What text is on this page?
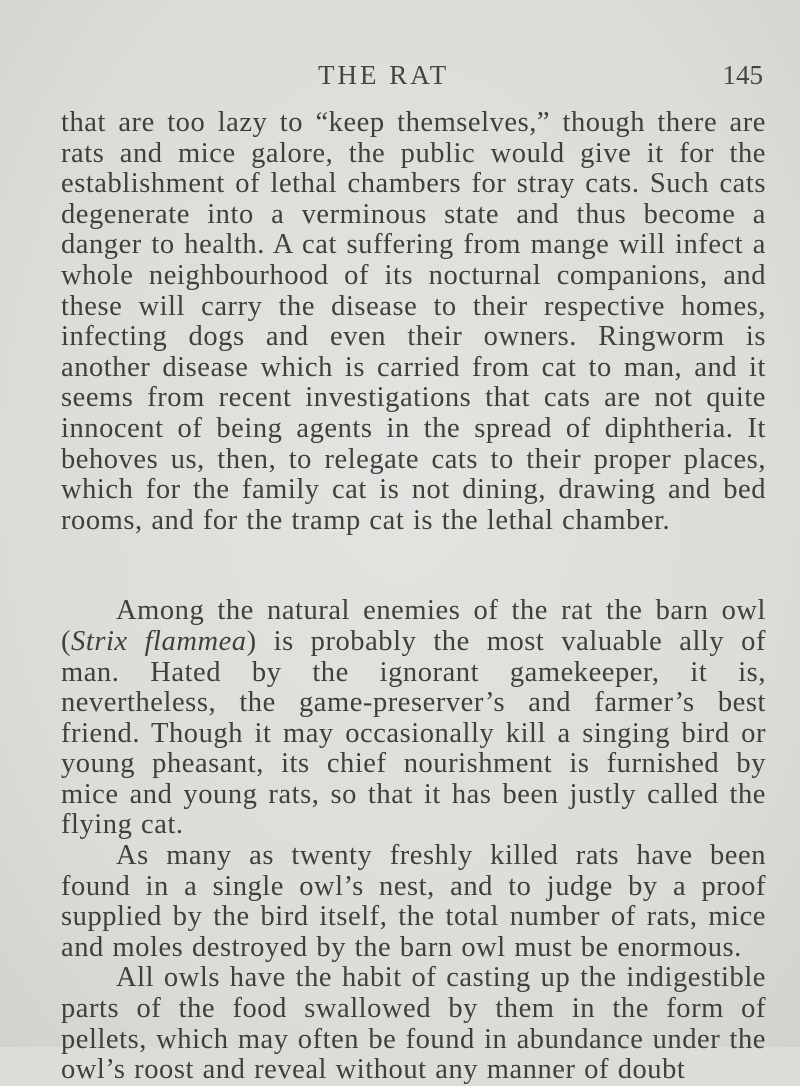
THE RAT	145

that are too lazy to “keep themselves,” though there are rats and mice galore, the public would give it for the establishment of lethal chambers for stray cats. Such cats degenerate into a verminous state and thus become a danger to health. A cat suffering from mange will infect a whole neighbourhood of its nocturnal companions, and these will carry the disease to their respective homes, infecting dogs and even their owners. Ringworm is another disease which is carried from cat to man, and it seems from recent investigations that cats are not quite innocent of being agents in the spread of diphtheria. It behoves us, then, to relegate cats to their proper places, which for the family cat is not dining, drawing and bed rooms, and for the tramp cat is the lethal chamber.

Among the natural enemies of the rat the barn owl (Strix flammea) is probably the most valuable ally of man. Hated by the ignorant gamekeeper, it is, nevertheless, the game-preserver’s and farmer’s best friend. Though it may occasionally kill a singing bird or young pheasant, its chief nourishment is furnished by mice and young rats, so that it has been justly called the flying cat.

As many as twenty freshly killed rats have been found in a single owl’s nest, and to judge by a proof supplied by the bird itself, the total number of rats, mice and moles destroyed by the barn owl must be enormous.

All owls have the habit of casting up the indigestible parts of the food swallowed by them in the form of pellets, which may often be found in abundance under the owl’s roost and reveal without any manner of doubt
